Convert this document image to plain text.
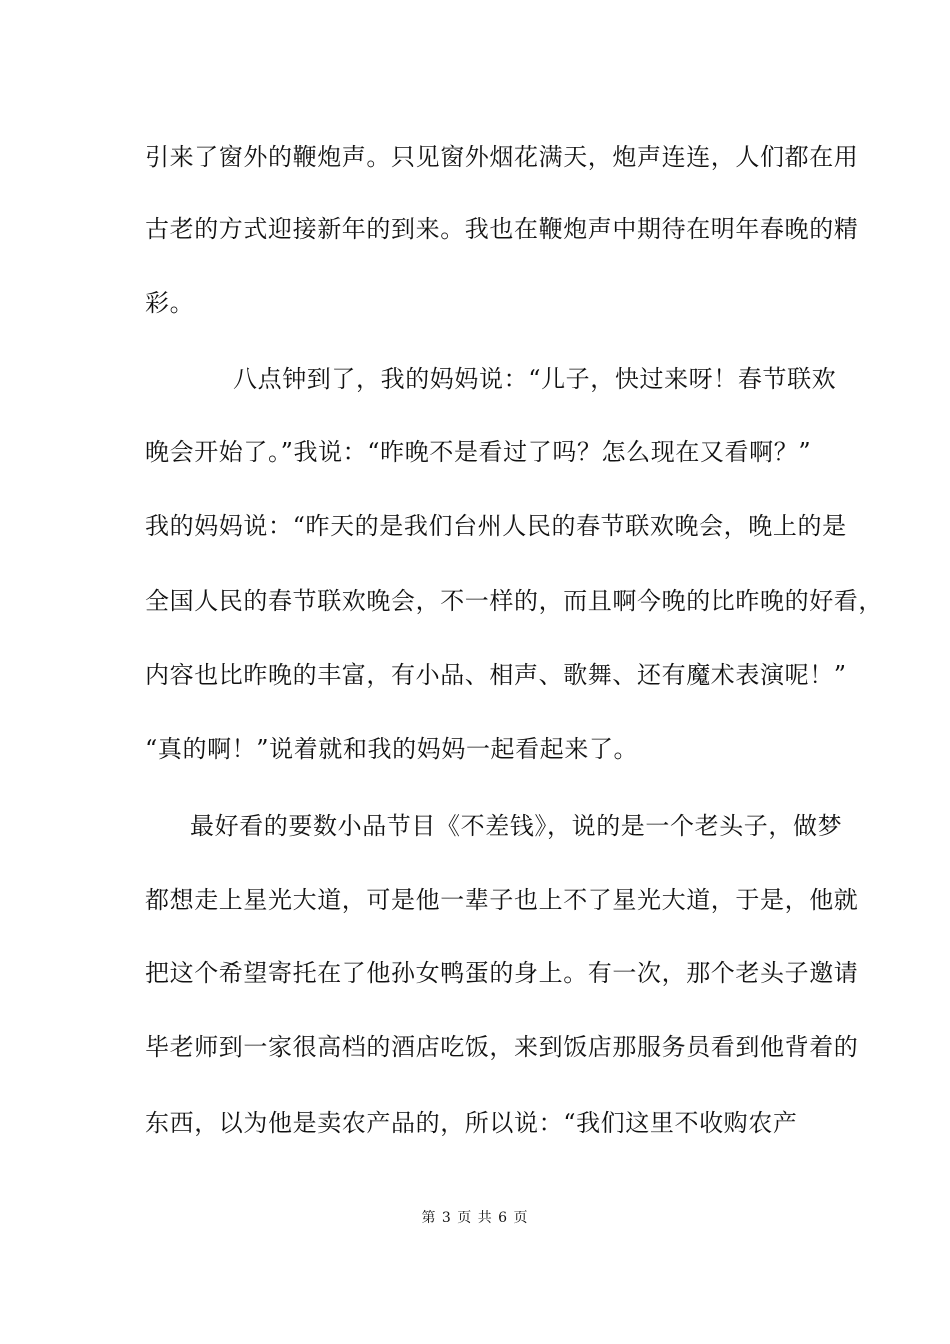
引来了窗外的鞭炮声。只见窗外烟花满天，炮声连连，人们都在用
古老的方式迎接新年的到来。我也在鞭炮声中期待在明年春晚的精
彩。
八点钟到了，我的妈妈说：“儿子，快过来呀！春节联欢
晚会开始了。”我说：“昨晚不是看过了吗？怎么现在又看啊？”
我的妈妈说：“昨天的是我们台州人民的春节联欢晚会，晚上的是
全国人民的春节联欢晚会，不一样的，而且啊今晚的比昨晚的好看，
内容也比昨晚的丰富，有小品、相声、歌舞、还有魔术表演呢！”
“真的啊！”说着就和我的妈妈一起看起来了。
最好看的要数小品节目《不差钱》，说的是一个老头子，做梦
都想走上星光大道，可是他一辈子也上不了星光大道，于是，他就
把这个希望寄托在了他孙女鸭蛋的身上。有一次，那个老头子邀请
毕老师到一家很高档的酒店吃饭，来到饭店那服务员看到他背着的
东西，以为他是卖农产品的，所以说：“我们这里不收购农产
第 3 页 共 6 页
